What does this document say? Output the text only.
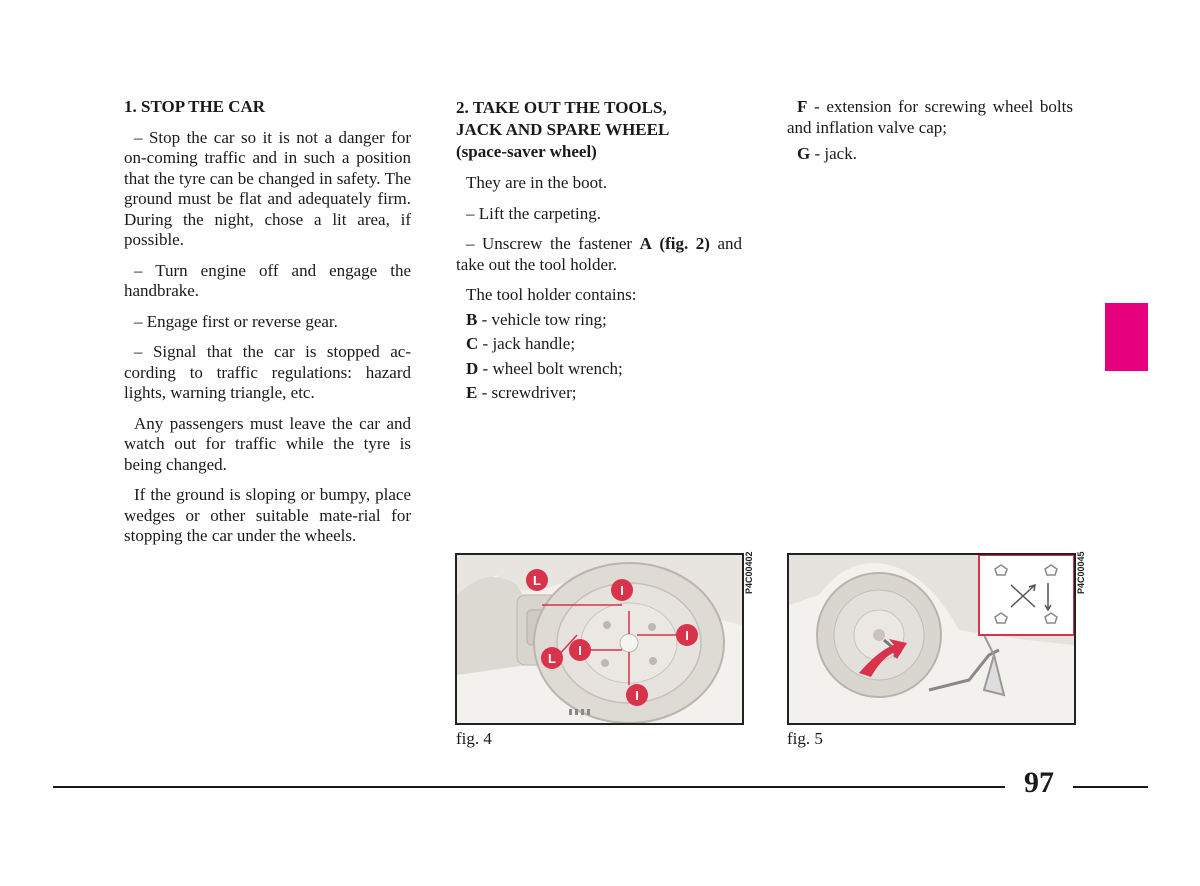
1. STOP THE CAR

– Stop the car so it is not a danger for on-coming traffic and in such a position that the tyre can be changed in safety. The ground must be flat and adequately firm. During the night, chose a lit area, if possible.

– Turn engine off and engage the handbrake.

– Engage first or reverse gear.

– Signal that the car is stopped ac-cording to traffic regulations: hazard lights, warning triangle, etc.

Any passengers must leave the car and watch out for traffic while the tyre is being changed.

If the ground is sloping or bumpy, place wedges or other suitable mate-rial for stopping the car under the wheels.

2. TAKE OUT THE TOOLS,
JACK AND SPARE WHEEL
(space-saver wheel)

They are in the boot.

– Lift the carpeting.

– Unscrew the fastener A (fig. 2) and take out the tool holder.

The tool holder contains:

B - vehicle tow ring;
C - jack handle;
D - wheel bolt wrench;
E - screwdriver;

F - extension for screwing wheel bolts and inflation valve cap;

G - jack.

L
L
I
I
I
I
P4C00402
fig. 4
P4C00045
fig. 5
97
